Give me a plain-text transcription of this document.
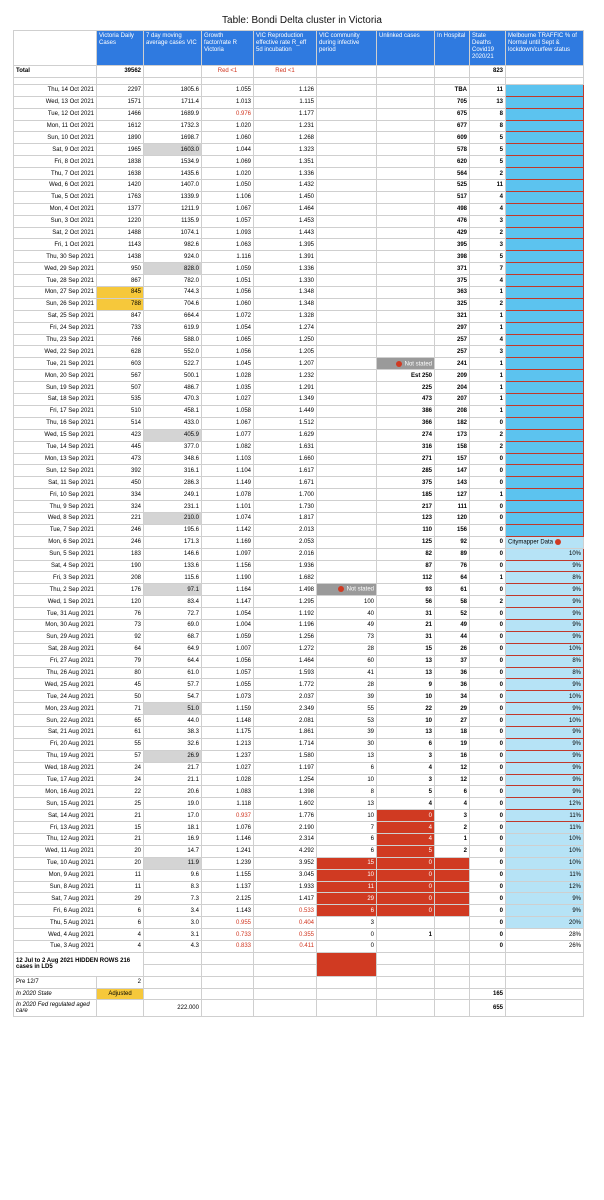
Table: Bondi Delta cluster in Victoria
	Victoria Daily Cases	7 day moving average cases VIC	Growth factor/rate R Victoria	VIC Reproduction effective rate R_eff 5d incubation	VIC community during infective period	Unlinked cases	In Hospital	State Deaths Covid19 2020/21	Melbourne TRAFFIC % of Normal until Sept & lockdown/curfew status
Total	39562		Red <1	Red <1				823	

Thu, 14 Oct 2021	2297	1805.6	1.055	1.126			TBA	11	
Wed, 13 Oct 2021	1571	1711.4	1.013	1.115			705	13	
Tue, 12 Oct 2021	1466	1689.9	0.976	1.177			675	8	
Mon, 11 Oct 2021	1612	1732.3	1.020	1.231			677	8	
Sun, 10 Oct 2021	1890	1698.7	1.060	1.268			609	5	
Sat, 9 Oct 2021	1965	1603.0	1.044	1.323			578	5	
Fri, 8 Oct 2021	1838	1534.9	1.069	1.351			620	5	
Thu, 7 Oct 2021	1638	1435.6	1.020	1.336			564	2	
Wed, 6 Oct 2021	1420	1407.0	1.050	1.432			525	11	
Tue, 5 Oct 2021	1763	1339.9	1.106	1.450			517	4	
Mon, 4 Oct 2021	1377	1211.9	1.067	1.464			498	4	
Sun, 3 Oct 2021	1220	1135.9	1.057	1.453			476	3	
Sat, 2 Oct 2021	1488	1074.1	1.093	1.443			429	2	
Fri, 1 Oct 2021	1143	982.6	1.063	1.395			395	3	
Thu, 30 Sep 2021	1438	924.0	1.116	1.391			398	5	
Wed, 29 Sep 2021	950	828.0	1.059	1.336			371	7	
Tue, 28 Sep 2021	867	782.0	1.051	1.330			375	4	
Mon, 27 Sep 2021	845	744.3	1.056	1.348			363	1	
Sun, 26 Sep 2021	788	704.6	1.060	1.348			325	2	
Sat, 25 Sep 2021	847	664.4	1.072	1.328			321	1	
Fri, 24 Sep 2021	733	619.9	1.054	1.274			297	1	
Thu, 23 Sep 2021	766	588.0	1.065	1.250			257	4	
Wed, 22 Sep 2021	628	552.0	1.056	1.205			257	3	
Tue, 21 Sep 2021	603	522.7	1.045	1.207		Not stated	241	1	
Mon, 20 Sep 2021	567	500.1	1.028	1.232		Est 250	209	1	
Sun, 19 Sep 2021	507	486.7	1.035	1.291		225	204	1	
Sat, 18 Sep 2021	535	470.3	1.027	1.349		473	207	1	
Fri, 17 Sep 2021	510	458.1	1.058	1.449		386	208	1	
Thu, 16 Sep 2021	514	433.0	1.067	1.512		366	182	0	
Wed, 15 Sep 2021	423	405.9	1.077	1.629		274	173	2	
Tue, 14 Sep 2021	445	377.0	1.082	1.631		316	158	2	
Mon, 13 Sep 2021	473	348.6	1.103	1.660		271	157	0	
Sun, 12 Sep 2021	392	316.1	1.104	1.617		285	147	0	
Sat, 11 Sep 2021	450	286.3	1.149	1.671		375	143	0	
Fri, 10 Sep 2021	334	249.1	1.078	1.700		185	127	1	
Thu, 9 Sep 2021	324	231.1	1.101	1.730		217	111	0	
Wed, 8 Sep 2021	221	210.0	1.074	1.817		123	120	0	
Tue, 7 Sep 2021	246	195.6	1.142	2.013		110	156	0	
Mon, 6 Sep 2021	246	171.3	1.169	2.053		125	92	0	Citymapper Data
Sun, 5 Sep 2021	183	146.6	1.097	2.016		82	89	0	10%
Sat, 4 Sep 2021	190	133.6	1.156	1.936		87	76	0	9%
Fri, 3 Sep 2021	208	115.6	1.190	1.682		112	64	1	8%
Thu, 2 Sep 2021	176	97.1	1.164	1.498	Not stated	93	61	0	9%
Wed, 1 Sep 2021	120	83.4	1.147	1.295	100	56	58	2	9%
Tue, 31 Aug 2021	76	72.7	1.054	1.192	40	31	52	0	9%
Mon, 30 Aug 2021	73	69.0	1.004	1.196	49	21	49	0	9%
Sun, 29 Aug 2021	92	68.7	1.059	1.256	73	31	44	0	9%
Sat, 28 Aug 2021	64	64.9	1.007	1.272	28	15	26	0	10%
Fri, 27 Aug 2021	79	64.4	1.056	1.464	60	13	37	0	8%
Thu, 26 Aug 2021	80	61.0	1.057	1.593	41	13	36	0	8%
Wed, 25 Aug 2021	45	57.7	1.055	1.772	28	9	36	0	9%
Tue, 24 Aug 2021	50	54.7	1.073	2.037	39	10	34	0	10%
Mon, 23 Aug 2021	71	51.0	1.159	2.349	55	22	29	0	9%
Sun, 22 Aug 2021	65	44.0	1.148	2.081	53	10	27	0	10%
Sat, 21 Aug 2021	61	38.3	1.175	1.861	39	13	18	0	9%
Fri, 20 Aug 2021	55	32.6	1.213	1.714	30	6	19	0	9%
Thu, 19 Aug 2021	57	26.9	1.237	1.580	13	3	16	0	9%
Wed, 18 Aug 2021	24	21.7	1.027	1.197	6	4	12	0	9%
Tue, 17 Aug 2021	24	21.1	1.028	1.254	10	3	12	0	9%
Mon, 16 Aug 2021	22	20.6	1.083	1.398	8	5	6	0	9%
Sun, 15 Aug 2021	25	19.0	1.118	1.602	13	4	4	0	12%
Sat, 14 Aug 2021	21	17.0	0.937	1.776	10	0	3	0	11%
Fri, 13 Aug 2021	15	18.1	1.076	2.190	7	4	2	0	11%
Thu, 12 Aug 2021	21	16.9	1.146	2.314	6	4	1	0	10%
Wed, 11 Aug 2021	20	14.7	1.241	4.292	6	5	2	0	10%
Tue, 10 Aug 2021	20	11.9	1.239	3.952	15	0		0	10%
Mon, 9 Aug 2021	11	9.6	1.155	3.045	10	0		0	11%
Sun, 8 Aug 2021	11	8.3	1.137	1.933	11	0		0	12%
Sat, 7 Aug 2021	29	7.3	2.125	1.417	29	0		0	9%
Fri, 6 Aug 2021	6	3.4	1.143	0.533	6	0		0	9%
Thu, 5 Aug 2021	6	3.0	0.955	0.404	3			0	20%
Wed, 4 Aug 2021	4	3.1	0.733	0.355	0	1		0	28%
Tue, 3 Aug 2021	4	4.3	0.833	0.411	0			0	26%
12 Jul to 2 Aug 2021 HIDDEN ROWS 216 cases in LD5									

Pre 12/7	2								
In 2020 State	Adjusted							165	
In 2020 Fed regulated aged care		222.000						655	
